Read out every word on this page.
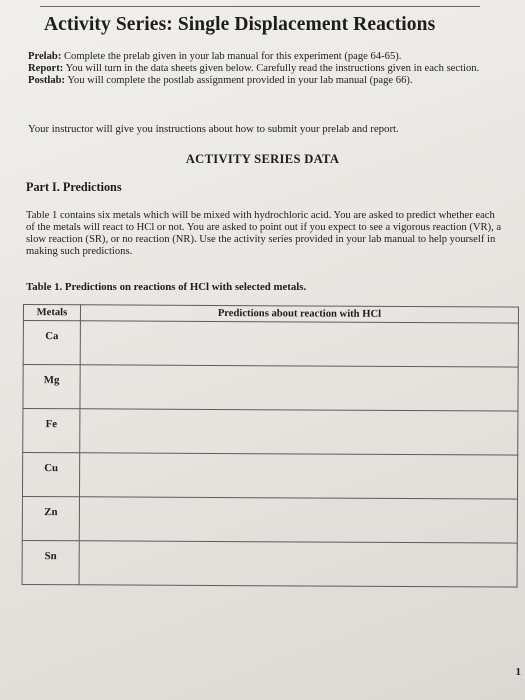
Activity Series: Single Displacement Reactions

Prelab: Complete the prelab given in your lab manual for this experiment (page 64-65).

Report: You will turn in the data sheets given below. Carefully read the instructions given in each section.

Postlab: You will complete the postlab assignment provided in your lab manual (page 66).

Your instructor will give you instructions about how to submit your prelab and report.
ACTIVITY SERIES DATA
Part I. Predictions

Table 1 contains six metals which will be mixed with hydrochloric acid. You are asked to predict whether each of the metals will react to HCl or not. You are asked to point out if you expect to see a vigorous reaction (VR), a slow reaction (SR), or no reaction (NR). Use the activity series provided in your lab manual to help yourself in making such predictions.

Table 1. Predictions on reactions of HCl with selected metals.
Metals	Predictions about reaction with HCl
Ca	
Mg	
Fe	
Cu	
Zn	
Sn	
1
